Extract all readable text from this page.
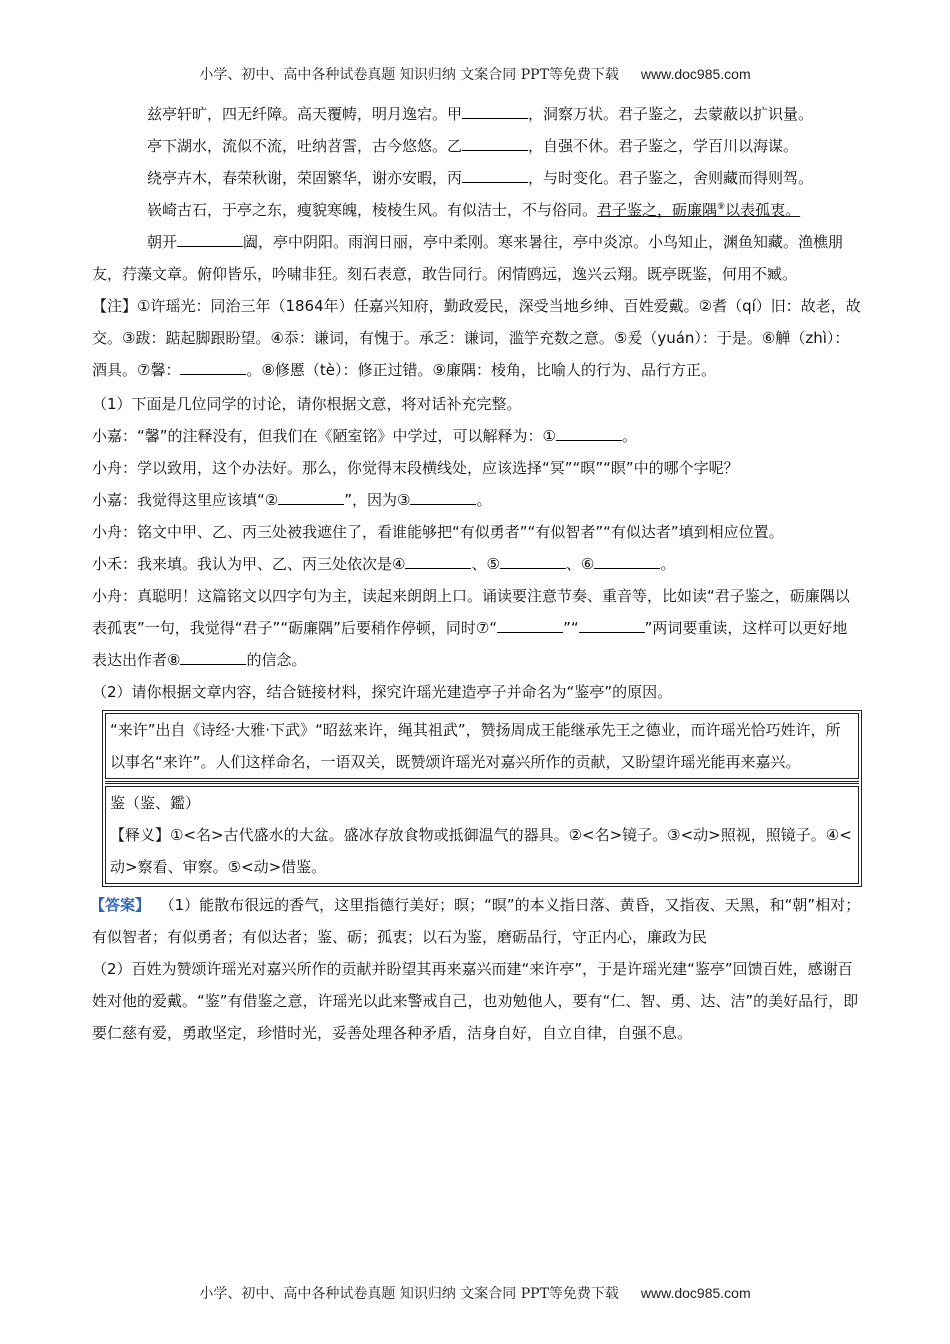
小学、初中、高中各种试卷真题 知识归纳 文案合同 PPT等免费下载 www.doc985.com

兹亭轩旷，四无纤障。高天覆帱，明月逸宕。甲	，洞察万状。君子鉴之，去蒙蔽以扩识量。

亭下湖水，流似不流，吐纳苕霅，古今悠悠。乙	，自强不休。君子鉴之，学百川以海谋。

绕亭卉木，春荣秋谢，荣固繁华，谢亦安暇，丙	，与时变化。君子鉴之，舍则藏而得则驾。

嵚崎古石，于亭之东，瘦貌寒魄，棱棱生风。有似洁士，不与俗同。君子鉴之，砺廉隅⑨以表孤衷。

朝开	阖，亭中阴阳。雨润日丽，亭中柔刚。寒来暑往，亭中炎凉。小鸟知止，渊鱼知藏。渔樵朋友，荇藻文章。俯仰皆乐，吟啸非狂。刻石表意，敢告同行。闲情鸥远，逸兴云翔。既亭既鉴，何用不臧。

【注】①许瑶光：同治三年（1864年）任嘉兴知府，勤政爱民，深受当地乡绅、百姓爱戴。②耆（qí）旧：故老，故交。③跋：踮起脚跟盼望。④忝：谦词，有愧于。承乏：谦词，滥竽充数之意。⑤爰（yuán）：于是。⑥觯（zhì）：酒具。⑦馨：	。⑧修慝（tè）：修正过错。⑨廉隅：棱角，比喻人的行为、品行方正。

（1）下面是几位同学的讨论，请你根据文意，将对话补充完整。

小嘉：“馨”的注释没有，但我们在《陋室铭》中学过，可以解释为：①	。

小舟：学以致用，这个办法好。那么，你觉得末段横线处，应该选择“冥”“暝”“瞑”中的哪个字呢？

小嘉：我觉得这里应该填“②	”，因为③	。

小舟：铭文中甲、乙、丙三处被我遮住了，看谁能够把“有似勇者”“有似智者”“有似达者”填到相应位置。

小禾：我来填。我认为甲、乙、丙三处依次是④	、⑤	、⑥	。

小舟：真聪明！这篇铭文以四字句为主，读起来朗朗上口。诵读要注意节奏、重音等，比如读“君子鉴之，砺廉隅以表孤衷”一句，我觉得“君子”“砺廉隅”后要稍作停顿，同时⑦“	”“	”两词要重读，这样可以更好地表达出作者⑧	的信念。

（2）请你根据文章内容，结合链接材料，探究许瑶光建造亭子并命名为“鉴亭”的原因。

“来许”出自《诗经·大雅·下武》“昭兹来许，绳其祖武”，赞扬周成王能继承先王之德业，而许瑶光恰巧姓许，所以事名“来许”。人们这样命名，一语双关，既赞颂许瑶光对嘉兴所作的贡献，又盼望许瑶光能再来嘉兴。

鉴（鉴、鑑）

【释义】①<名>古代盛水的大盆。盛冰存放食物或抵御温气的器具。②<名>镜子。③<动>照视，照镜子。④<动>察看、审察。⑤<动>借鉴。

【答案】 （1）能散布很远的香气，这里指德行美好；暝；“暝”的本义指日落、黄昏，又指夜、天黑，和“朝”相对；有似智者；有似勇者；有似达者；鉴、砺；孤衷；以石为鉴，磨砺品行，守正内心，廉政为民

（2）百姓为赞颂许瑶光对嘉兴所作的贡献并盼望其再来嘉兴而建“来许亭”，于是许瑶光建“鉴亭”回馈百姓，感谢百姓对他的爱戴。“鉴”有借鉴之意，许瑶光以此来警戒自己，也劝勉他人，要有“仁、智、勇、达、洁”的美好品行，即要仁慈有爱，勇敢坚定，珍惜时光，妥善处理各种矛盾，洁身自好，自立自律，自强不息。

小学、初中、高中各种试卷真题 知识归纳 文案合同 PPT等免费下载 www.doc985.com
